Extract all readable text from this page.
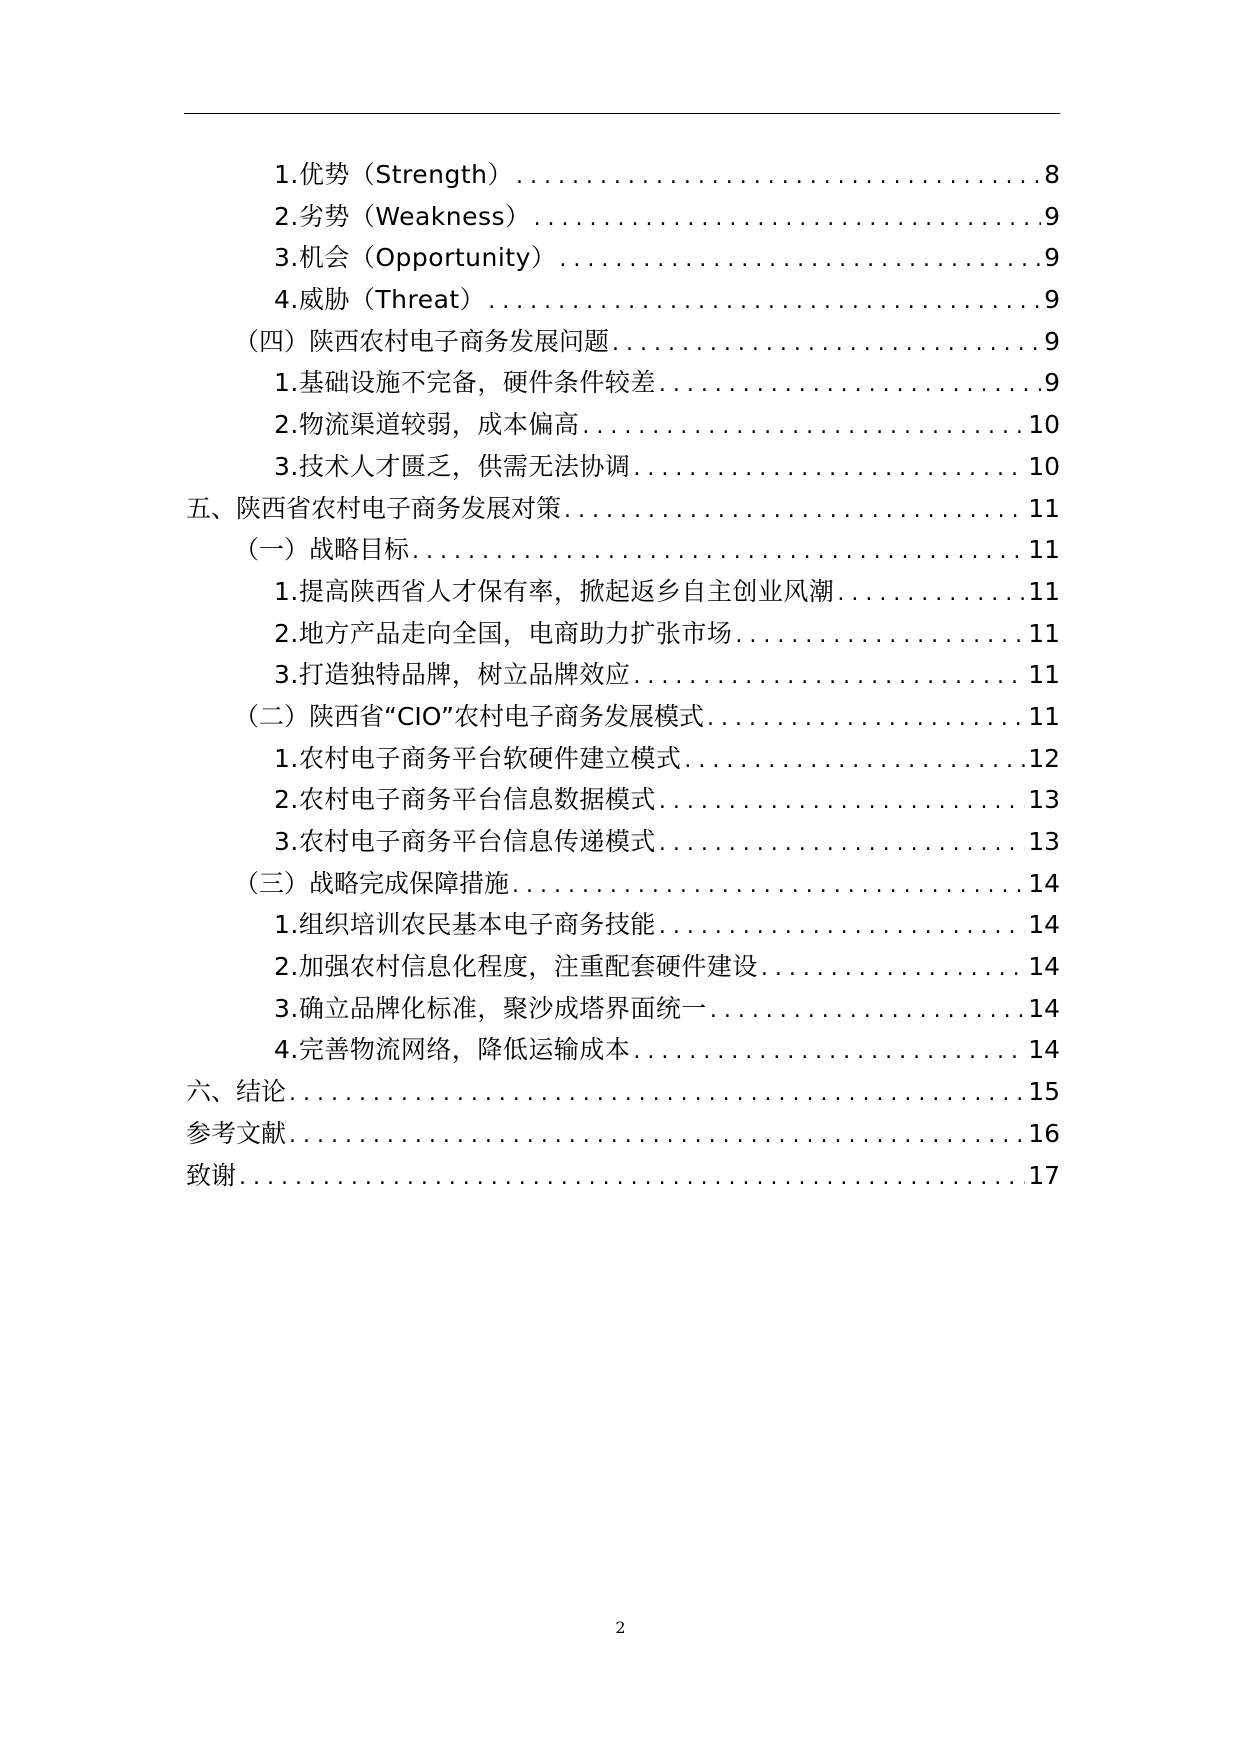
1.优势（Strength） . . .	8
2.劣势（Weakness） . . .	9
3.机会（Opportunity） . . .	9
4.威胁（Threat） . . .	9
（四）陕西农村电子商务发展问题 . . .	9
1.基础设施不完备，硬件条件较差 . . .	9
2.物流渠道较弱，成本偏高 . . .	10
3.技术人才匮乏，供需无法协调 . . .	10
五、陕西省农村电子商务发展对策 . . .	11
（一）战略目标 . . .	11
1.提高陕西省人才保有率，掀起返乡自主创业风潮 . . .	11
2.地方产品走向全国，电商助力扩张市场 . . .	11
3.打造独特品牌，树立品牌效应 . . .	11
（二）陕西省“CIO”农村电子商务发展模式 . . .	11
1.农村电子商务平台软硬件建立模式 . . .	12
2.农村电子商务平台信息数据模式 . . .	13
3.农村电子商务平台信息传递模式 . . .	13
（三）战略完成保障措施 . . .	14
1.组织培训农民基本电子商务技能 . . .	14
2.加强农村信息化程度，注重配套硬件建设 . . .	14
3.确立品牌化标准，聚沙成塔界面统一 . . .	14
4.完善物流网络，降低运输成本 . . .	14
六、结论 . . .	15
参考文献 . . .	16
致谢 . . .	17
2
